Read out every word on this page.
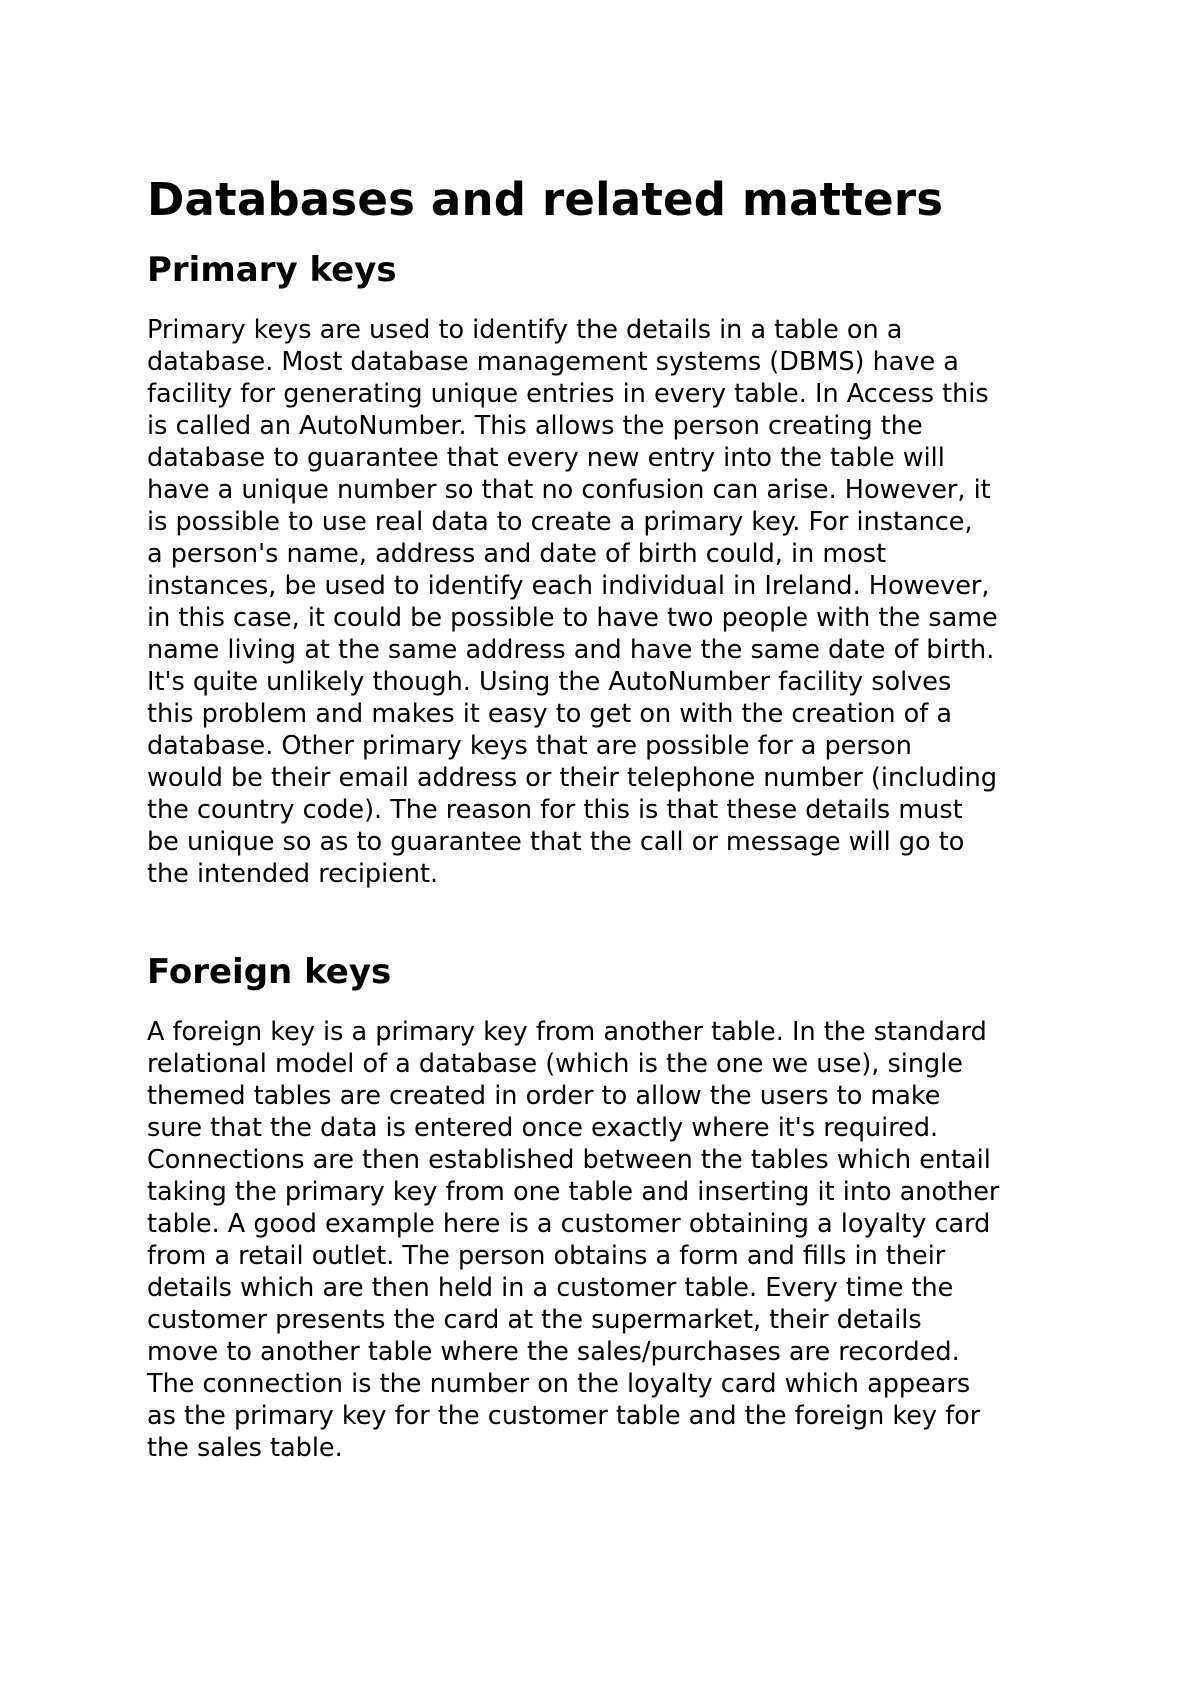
Databases and related matters
Primary keys

Primary keys are used to identify the details in a table on a
database. Most database management systems (DBMS) have a
facility for generating unique entries in every table. In Access this
is called an AutoNumber. This allows the person creating the
database to guarantee that every new entry into the table will
have a unique number so that no confusion can arise. However, it
is possible to use real data to create a primary key. For instance,
a person's name, address and date of birth could, in most
instances, be used to identify each individual in Ireland. However,
in this case, it could be possible to have two people with the same
name living at the same address and have the same date of birth.
It's quite unlikely though. Using the AutoNumber facility solves
this problem and makes it easy to get on with the creation of a
database. Other primary keys that are possible for a person
would be their email address or their telephone number (including
the country code). The reason for this is that these details must
be unique so as to guarantee that the call or message will go to
the intended recipient.

Foreign keys

A foreign key is a primary key from another table. In the standard
relational model of a database (which is the one we use), single
themed tables are created in order to allow the users to make
sure that the data is entered once exactly where it's required.
Connections are then established between the tables which entail
taking the primary key from one table and inserting it into another
table. A good example here is a customer obtaining a loyalty card
from a retail outlet. The person obtains a form and fills in their
details which are then held in a customer table. Every time the
customer presents the card at the supermarket, their details
move to another table where the sales/purchases are recorded.
The connection is the number on the loyalty card which appears
as the primary key for the customer table and the foreign key for
the sales table.
